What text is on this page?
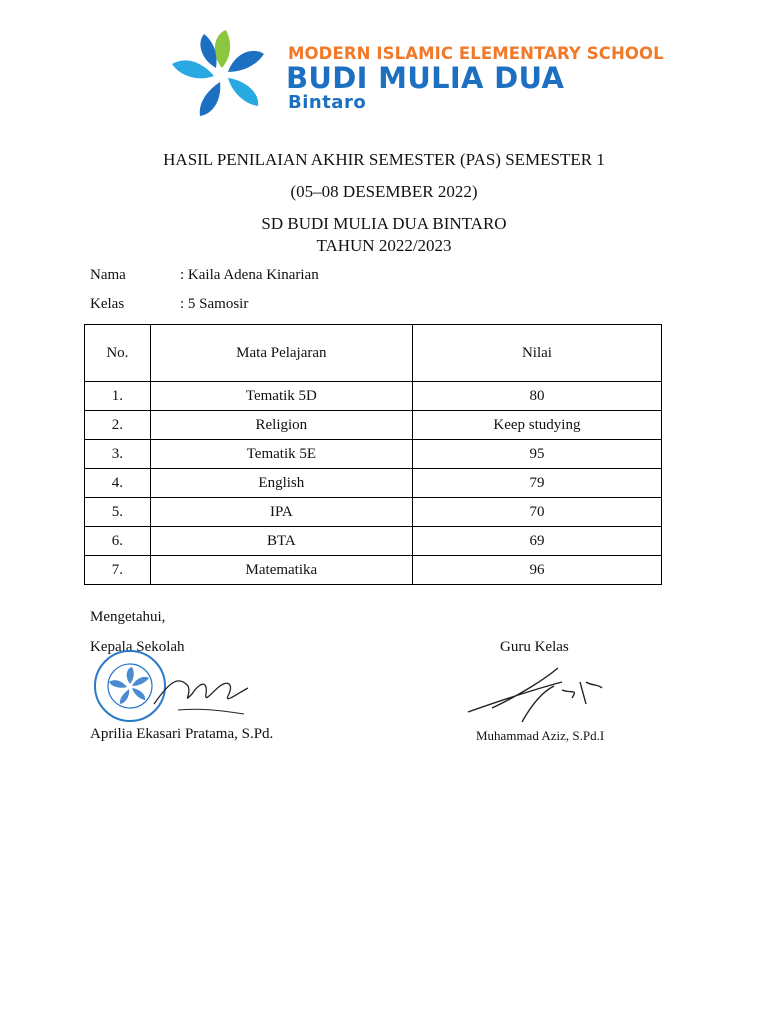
MODERN ISLAMIC ELEMENTARY SCHOOL
BUDI MULIA DUA
Bintaro
HASIL PENILAIAN AKHIR SEMESTER (PAS) SEMESTER 1
(05–08 DESEMBER 2022)
SD BUDI MULIA DUA BINTARO
TAHUN 2022/2023
Nama	: Kaila Adena Kinarian
Kelas	: 5 Samosir
No.	Mata Pelajaran	Nilai
1.	Tematik 5D	80
2.	Religion	Keep studying
3.	Tematik 5E	95
4.	English	79
5.	IPA	70
6.	BTA	69
7.	Matematika	96
Mengetahui,
Kepala Sekolah	Guru Kelas
Aprilia Ekasari Pratama, S.Pd.	Muhammad Aziz, S.Pd.I
